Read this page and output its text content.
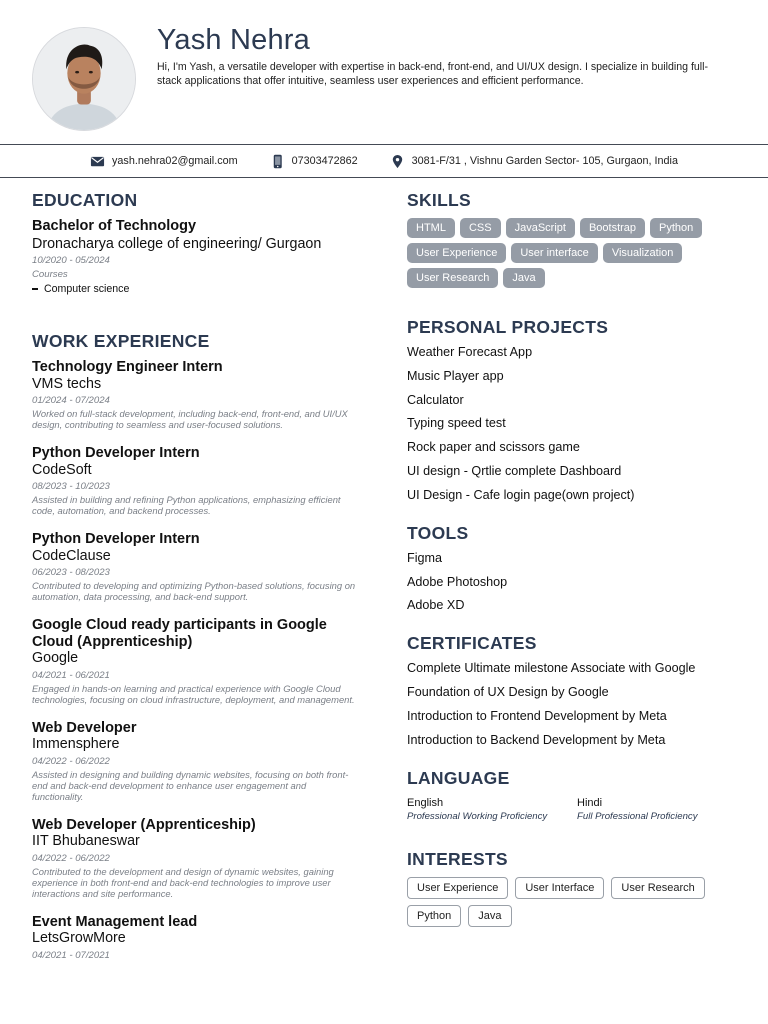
Yash Nehra
Hi, I'm Yash, a versatile developer with expertise in back-end, front-end, and UI/UX design. I specialize in building full-stack applications that offer intuitive, seamless user experiences and efficient performance.
yash.nehra02@gmail.com	07303472862	3081-F/31 , Vishnu Garden Sector- 105, Gurgaon, India
EDUCATION
Bachelor of Technology
Dronacharya college of engineering/ Gurgaon
10/2020 - 05/2024
Courses
Computer science
WORK EXPERIENCE
Technology Engineer Intern
VMS techs
01/2024 - 07/2024
Worked on full-stack development, including back-end, front-end, and UI/UX design, contributing to seamless and user-focused solutions.
Python Developer Intern
CodeSoft
08/2023 - 10/2023
Assisted in building and refining Python applications, emphasizing efficient code, automation, and backend processes.
Python Developer Intern
CodeClause
06/2023 - 08/2023
Contributed to developing and optimizing Python-based solutions, focusing on automation, data processing, and back-end support.
Google Cloud ready participants in Google Cloud (Apprenticeship)
Google
04/2021 - 06/2021
Engaged in hands-on learning and practical experience with Google Cloud technologies, focusing on cloud infrastructure, deployment, and management.
Web Developer
Immensphere
04/2022 - 06/2022
Assisted in designing and building dynamic websites, focusing on both front-end and back-end development to enhance user engagement and functionality.
Web Developer (Apprenticeship)
IIT Bhubaneswar
04/2022 - 06/2022
Contributed to the development and design of dynamic websites, gaining experience in both front-end and back-end technologies to improve user interactions and site performance.
Event Management lead
LetsGrowMore
04/2021 - 07/2021
SKILLS
HTML	CSS	JavaScript	Bootstrap	Python
User Experience	User interface	Visualization
User Research	Java
PERSONAL PROJECTS
Weather Forecast App
Music Player app
Calculator
Typing speed test
Rock paper and scissors game
UI design - Qrtlie complete Dashboard
UI Design - Cafe login page(own project)
TOOLS
Figma
Adobe Photoshop
Adobe XD
CERTIFICATES
Complete Ultimate milestone Associate with Google
Foundation of UX Design by Google
Introduction to Frontend Development by Meta
Introduction to Backend Development by Meta
LANGUAGE
English
Professional Working Proficiency
Hindi
Full Professional Proficiency
INTERESTS
User Experience	User Interface	User Research
Python	Java
